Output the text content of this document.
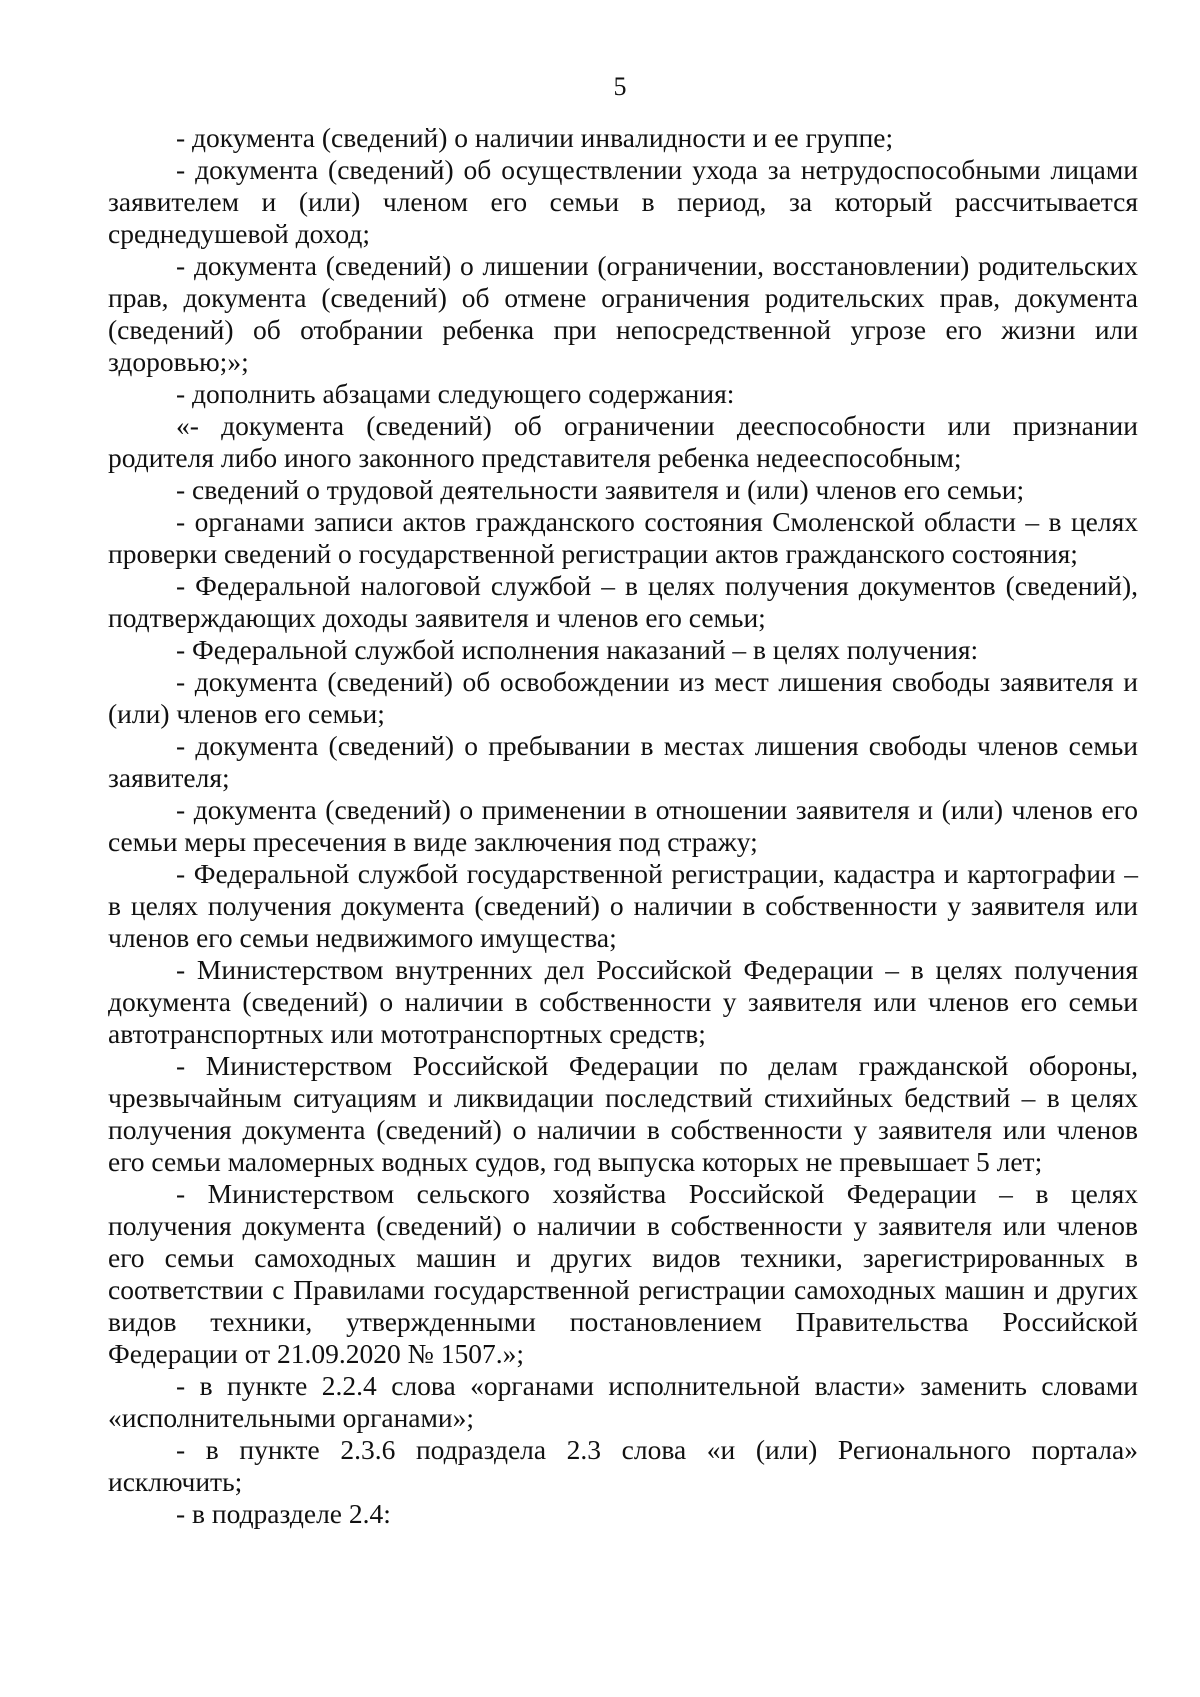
5

- документа (сведений) о наличии инвалидности и ее группе;

- документа (сведений) об осуществлении ухода за нетрудоспособными лицами заявителем и (или) членом его семьи в период, за который рассчитывается среднедушевой доход;

- документа (сведений) о лишении (ограничении, восстановлении) родительских прав, документа (сведений) об отмене ограничения родительских прав, документа (сведений) об отобрании ребенка при непосредственной угрозе его жизни или здоровью;»;

- дополнить абзацами следующего содержания:

«- документа (сведений) об ограничении дееспособности или признании родителя либо иного законного представителя ребенка недееспособным;

- сведений о трудовой деятельности заявителя и (или) членов его семьи;

- органами записи актов гражданского состояния Смоленской области – в целях проверки сведений о государственной регистрации актов гражданского состояния;

- Федеральной налоговой службой – в целях получения документов (сведений), подтверждающих доходы заявителя и членов его семьи;

- Федеральной службой исполнения наказаний – в целях получения:

- документа (сведений) об освобождении из мест лишения свободы заявителя и (или) членов его семьи;

- документа (сведений) о пребывании в местах лишения свободы членов семьи заявителя;

- документа (сведений) о применении в отношении заявителя и (или) членов его семьи меры пресечения в виде заключения под стражу;

- Федеральной службой государственной регистрации, кадастра и картографии – в целях получения документа (сведений) о наличии в собственности у заявителя или членов его семьи недвижимого имущества;

- Министерством внутренних дел Российской Федерации – в целях получения документа (сведений) о наличии в собственности у заявителя или членов его семьи автотранспортных или мототранспортных средств;

- Министерством Российской Федерации по делам гражданской обороны, чрезвычайным ситуациям и ликвидации последствий стихийных бедствий – в целях получения документа (сведений) о наличии в собственности у заявителя или членов его семьи маломерных водных судов, год выпуска которых не превышает 5 лет;

- Министерством сельского хозяйства Российской Федерации – в целях получения документа (сведений) о наличии в собственности у заявителя или членов его семьи самоходных машин и других видов техники, зарегистрированных в соответствии с Правилами государственной регистрации самоходных машин и других видов техники, утвержденными постановлением Правительства Российской Федерации от 21.09.2020 № 1507.»;

- в пункте 2.2.4 слова «органами исполнительной власти» заменить словами «исполнительными органами»;

- в пункте 2.3.6 подраздела 2.3 слова «и (или) Регионального портала» исключить;

- в подразделе 2.4:
